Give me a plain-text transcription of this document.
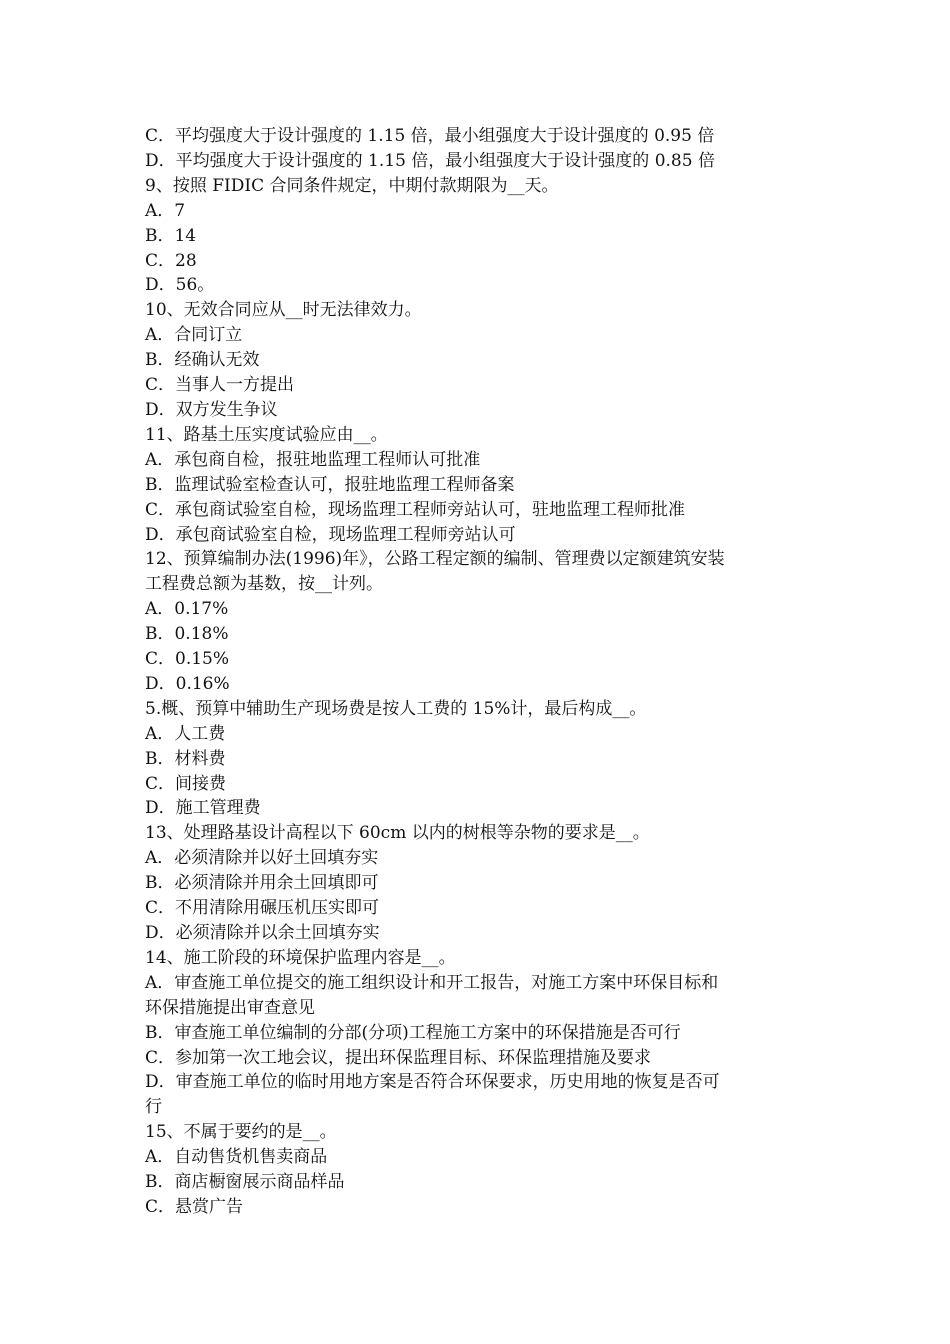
C．平均强度大于设计强度的 1.15 倍，最小组强度大于设计强度的 0.95 倍
D．平均强度大于设计强度的 1.15 倍，最小组强度大于设计强度的 0.85 倍
9、按照 FIDIC 合同条件规定，中期付款期限为__天。
A．7
B．14
C．28
D．56。
10、无效合同应从__时无法律效力。
A．合同订立
B．经确认无效
C．当事人一方提出
D．双方发生争议
11、路基土压实度试验应由__。
A．承包商自检，报驻地监理工程师认可批准
B．监理试验室检查认可，报驻地监理工程师备案
C．承包商试验室自检，现场监理工程师旁站认可，驻地监理工程师批准
D．承包商试验室自检，现场监理工程师旁站认可
12、预算编制办法(1996)年》，公路工程定额的编制、管理费以定额建筑安装
工程费总额为基数，按__计列。
A．0.17%
B．0.18%
C．0.15%
D．0.16%
5.概、预算中辅助生产现场费是按人工费的 15%计，最后构成__。
A．人工费
B．材料费
C．间接费
D．施工管理费
13、处理路基设计高程以下 60cm 以内的树根等杂物的要求是__。
A．必须清除并以好土回填夯实
B．必须清除并用余土回填即可
C．不用清除用碾压机压实即可
D．必须清除并以余土回填夯实
14、施工阶段的环境保护监理内容是__。
A．审查施工单位提交的施工组织设计和开工报告，对施工方案中环保目标和
环保措施提出审查意见
B．审查施工单位编制的分部(分项)工程施工方案中的环保措施是否可行
C．参加第一次工地会议，提出环保监理目标、环保监理措施及要求
D．审查施工单位的临时用地方案是否符合环保要求，历史用地的恢复是否可
行
15、不属于要约的是__。
A．自动售货机售卖商品
B．商店橱窗展示商品样品
C．悬赏广告
